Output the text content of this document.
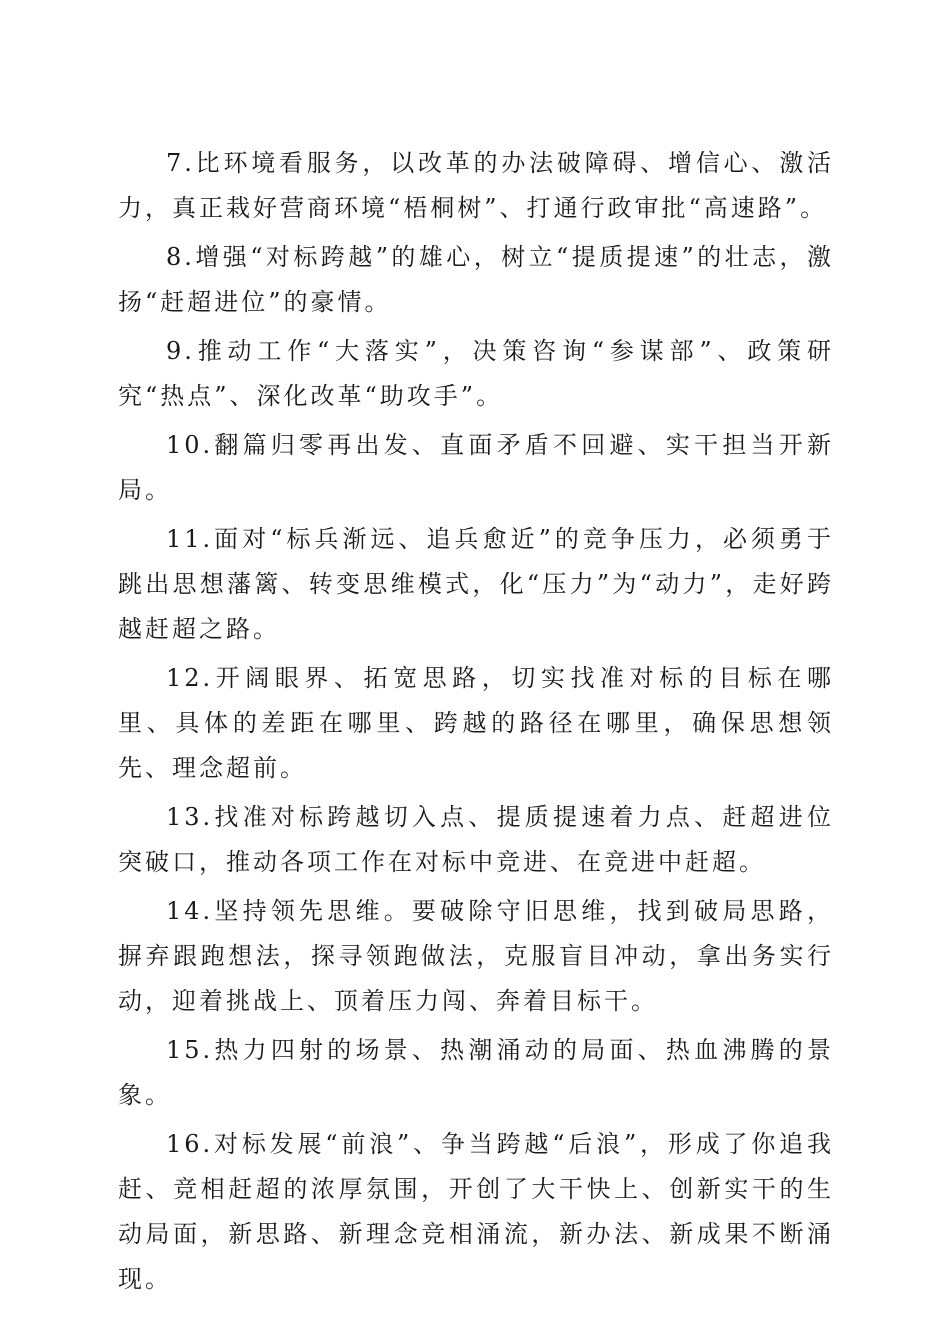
7.比环境看服务，以改革的办法破障碍、增信心、激活力，真正栽好营商环境“梧桐树”、打通行政审批“高速路”。

8.增强“对标跨越”的雄心，树立“提质提速”的壮志，激扬“赶超进位”的豪情。

9.推动工作“大落实”，决策咨询“参谋部”、政策研究“热点”、深化改革“助攻手”。

10.翻篇归零再出发、直面矛盾不回避、实干担当开新局。

11.面对“标兵渐远、追兵愈近”的竞争压力，必须勇于跳出思想藩篱、转变思维模式，化“压力”为“动力”，走好跨越赶超之路。

12.开阔眼界、拓宽思路，切实找准对标的目标在哪里、具体的差距在哪里、跨越的路径在哪里，确保思想领先、理念超前。

13.找准对标跨越切入点、提质提速着力点、赶超进位突破口，推动各项工作在对标中竞进、在竞进中赶超。

14.坚持领先思维。要破除守旧思维，找到破局思路，摒弃跟跑想法，探寻领跑做法，克服盲目冲动，拿出务实行动，迎着挑战上、顶着压力闯、奔着目标干。

15.热力四射的场景、热潮涌动的局面、热血沸腾的景象。

16.对标发展“前浪”、争当跨越“后浪”，形成了你追我赶、竞相赶超的浓厚氛围，开创了大干快上、创新实干的生动局面，新思路、新理念竞相涌流，新办法、新成果不断涌现。
